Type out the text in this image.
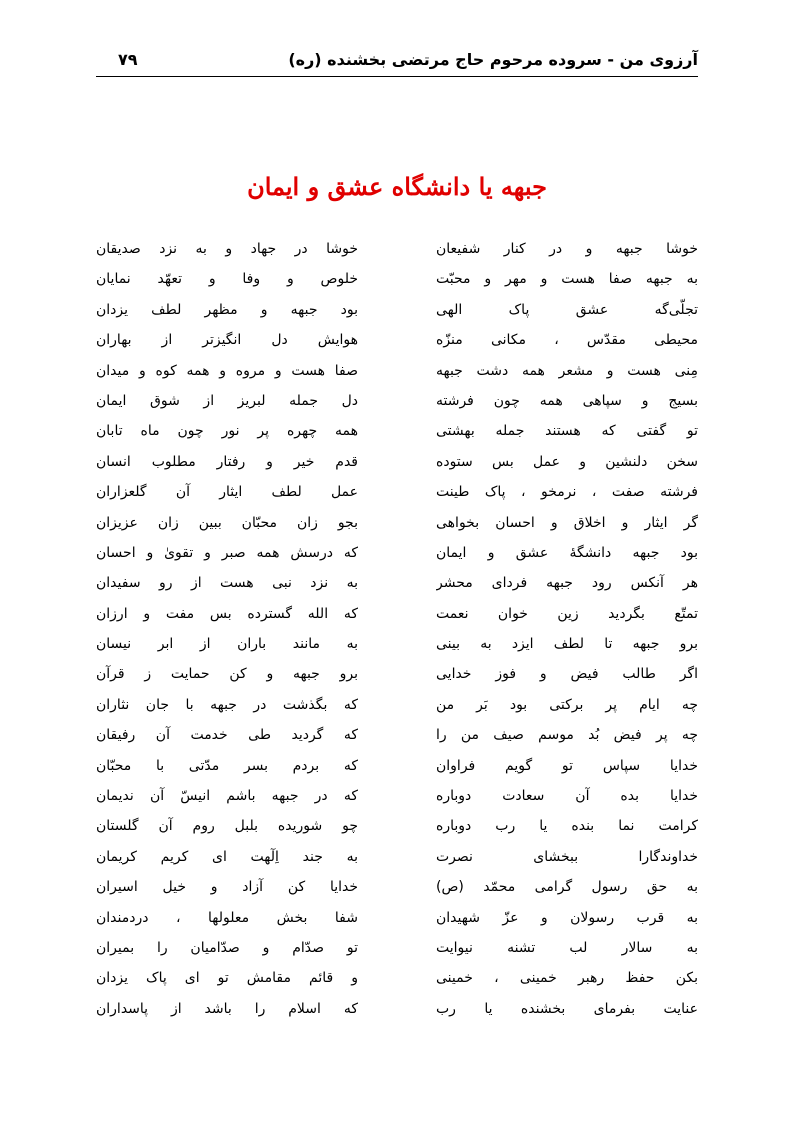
آرزوی من - سروده مرحوم حاج مرتضی بخشنده (ره)
۷۹
جبهه یا دانشگاه عشق و ایمان
خوشا جبهه و در کنار شفیعان
به جبهه صفا هست و مهر و محبّت
تجلّی‌گه عشق پاک الهی
محیطی مقدّس ، مکانی منزّه
مِنی هست و مشعر همه دشت جبهه
بسیج و سپاهی همه چون فرشته
تو گفتی که هستند جمله بهشتی
سخن دلنشین و عمل بس ستوده
فرشته صفت ، نرمخو ، پاک طینت
گر ایثار و اخلاق و احسان بخواهی
بود جبهه دانشگهٔ عشق و ایمان
هر آنکس رود جبهه فردای محشر
تمتّع بگردید زین خوان نعمت
برو جبهه تا لطف ایزد به بینی
اگر طالب فیض و فوز خدایی
چه ایام پر برکتی بود بَر من
چه پر فیض بُد موسم صیف من را
خدایا سپاس تو گویم فراوان
خدایا بده آن سعادت دوباره
کرامت نما بنده یا رب دوباره
خداوندگارا ببخشای نصرت
به حق رسول گرامی محمّد (ص)
به قرب رسولان و عزّ شهیدان
به سالار لب تشنه نیوایت
بکن حفظ رهبر خمینی ، خمینی
عنایت بفرمای بخشنده یا رب
خوشا در جهاد و به نزد صدیقان
خلوص و وفا و تعهّد نمایان
بود جبهه و مظهر لطف یزدان
هوایش دل انگیزتر از بهاران
صفا هست و مروه و همه کوه و میدان
دل جمله لبریز از شوق ایمان
همه چهره پر نور چون ماه تابان
قدم خیر و رفتار مطلوب انسان
عمل لطف ایثار آن گلعزاران
بجو زان محبّان ببین زان عزیزان
که درسش همه صبر و تقویٰ و احسان
به نزد نبی هست از رو سفیدان
که الله گسترده بس مفت و ارزان
به مانند باران از ابر نیسان
برو جبهه و کن حمایت ز قرآن
که بگذشت در جبهه با جان نثاران
که گردید طی خدمت آن رفیقان
که بردم بسر مدّتی با محبّان
که در جبهه باشم انیسّ آن ندیمان
چو شوریده بلبل روم آن گلستان
به جند اِلٓهت ای کریم کریمان
خدایا کن آزاد و خیل اسیران
شفا بخش معلولها ، دردمندان
تو صدّام و صدّامیان را بمیران
و قائم مقامش تو ای پاک یزدان
که اسلام را باشد از پاسداران
